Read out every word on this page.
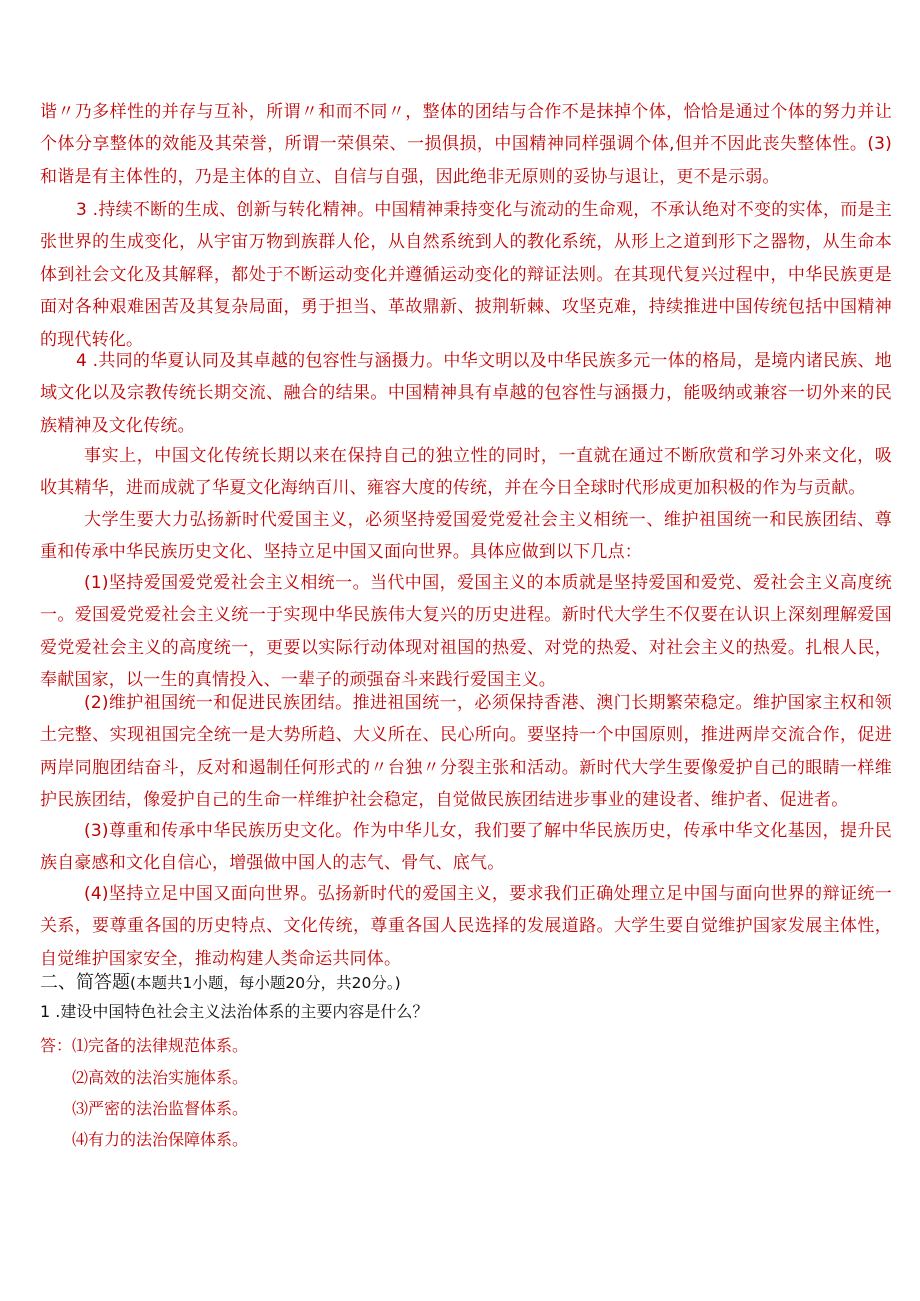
谐〃乃多样性的并存与互补，所谓〃和而不同〃，整体的团结与合作不是抹掉个体，恰恰是通过个体的努力并让个体分享整体的效能及其荣誉，所谓一荣俱荣、一损俱损，中国精神同样强调个体,但并不因此丧失整体性。(3)和谐是有主体性的，乃是主体的自立、自信与自强，因此绝非无原则的妥协与退让，更不是示弱。

3 .持续不断的生成、创新与转化精神。中国精神秉持变化与流动的生命观，不承认绝对不变的实体，而是主张世界的生成变化，从宇宙万物到族群人伦，从自然系统到人的教化系统，从形上之道到形下之器物，从生命本体到社会文化及其解释，都处于不断运动变化并遵循运动变化的辩证法则。在其现代复兴过程中，中华民族更是面对各种艰难困苦及其复杂局面，勇于担当、革故鼎新、披荆斩棘、攻坚克难，持续推进中国传统包括中国精神的现代转化。

4 .共同的华夏认同及其卓越的包容性与涵摄力。中华文明以及中华民族多元一体的格局，是境内诸民族、地域文化以及宗教传统长期交流、融合的结果。中国精神具有卓越的包容性与涵摄力，能吸纳或兼容一切外来的民族精神及文化传统。

事实上，中国文化传统长期以来在保持自己的独立性的同时，一直就在通过不断欣赏和学习外来文化，吸收其精华，进而成就了华夏文化海纳百川、雍容大度的传统，并在今日全球时代形成更加积极的作为与贡献。

大学生要大力弘扬新时代爱国主义，必须坚持爱国爱党爱社会主义相统一、维护祖国统一和民族团结、尊重和传承中华民族历史文化、坚持立足中国又面向世界。具体应做到以下几点：

(1)坚持爱国爱党爱社会主义相统一。当代中国，爱国主义的本质就是坚持爱国和爱党、爱社会主义高度统一。爱国爱党爱社会主义统一于实现中华民族伟大复兴的历史进程。新时代大学生不仅要在认识上深刻理解爱国爱党爱社会主义的高度统一，更要以实际行动体现对祖国的热爱、对党的热爱、对社会主义的热爱。扎根人民，奉献国家，以一生的真情投入、一辈子的顽强奋斗来践行爱国主义。

(2)维护祖国统一和促进民族团结。推进祖国统一，必须保持香港、澳门长期繁荣稳定。维护国家主权和领土完整、实现祖国完全统一是大势所趋、大义所在、民心所向。要坚持一个中国原则，推进两岸交流合作，促进两岸同胞团结奋斗，反对和遏制任何形式的〃台独〃分裂主张和活动。新时代大学生要像爱护自己的眼睛一样维护民族团结，像爱护自己的生命一样维护社会稳定，自觉做民族团结进步事业的建设者、维护者、促进者。

(3)尊重和传承中华民族历史文化。作为中华儿女，我们要了解中华民族历史，传承中华文化基因，提升民族自豪感和文化自信心，增强做中国人的志气、骨气、底气。

(4)坚持立足中国又面向世界。弘扬新时代的爱国主义，要求我们正确处理立足中国与面向世界的辩证统一关系，要尊重各国的历史特点、文化传统，尊重各国人民选择的发展道路。大学生要自觉维护国家发展主体性，自觉维护国家安全，推动构建人类命运共同体。

二、简答题(本题共1小题，每小题20分，共20分。)

1 .建设中国特色社会主义法治体系的主要内容是什么？

答：⑴完备的法律规范体系。

⑵高效的法治实施体系。

⑶严密的法治监督体系。

⑷有力的法治保障体系。
